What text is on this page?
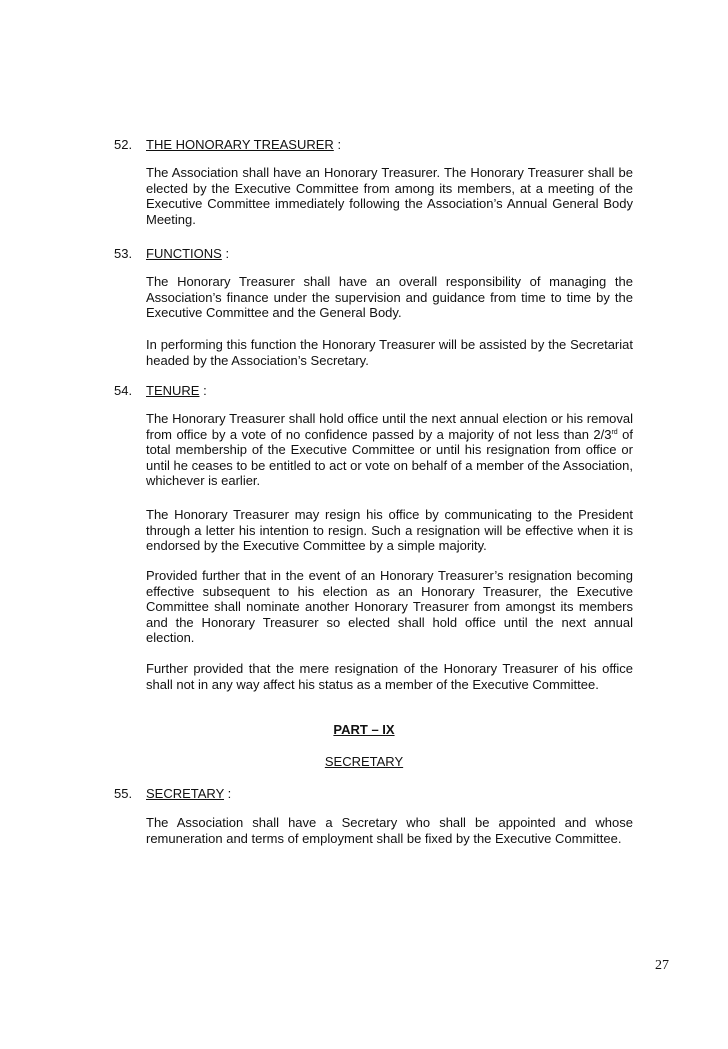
52. THE HONORARY TREASURER :

The Association shall have an Honorary Treasurer. The Honorary Treasurer shall be elected by the Executive Committee from among its members, at a meeting of the Executive Committee immediately following the Association’s Annual General Body Meeting.

53. FUNCTIONS :

The Honorary Treasurer shall have an overall responsibility of managing the Association’s finance under the supervision and guidance from time to time by the Executive Committee and the General Body.

In performing this function the Honorary Treasurer will be assisted by the Secretariat headed by the Association’s Secretary.

54. TENURE :

The Honorary Treasurer shall hold office until the next annual election or his removal from office by a vote of no confidence passed by a majority of not less than 2/3rd of total membership of the Executive Committee or until his resignation from office or until he ceases to be entitled to act or vote on behalf of a member of the Association, whichever is earlier.

The Honorary Treasurer may resign his office by communicating to the President through a letter his intention to resign. Such a resignation will be effective when it is endorsed by the Executive Committee by a simple majority.

Provided further that in the event of an Honorary Treasurer’s resignation becoming effective subsequent to his election as an Honorary Treasurer, the Executive Committee shall nominate another Honorary Treasurer from amongst its members and the Honorary Treasurer so elected shall hold office until the next annual election.

Further provided that the mere resignation of the Honorary Treasurer of his office shall not in any way affect his status as a member of the Executive Committee.

PART – IX
SECRETARY
55. SECRETARY :

The Association shall have a Secretary who shall be appointed and whose remuneration and terms of employment shall be fixed by the Executive Committee.

27
